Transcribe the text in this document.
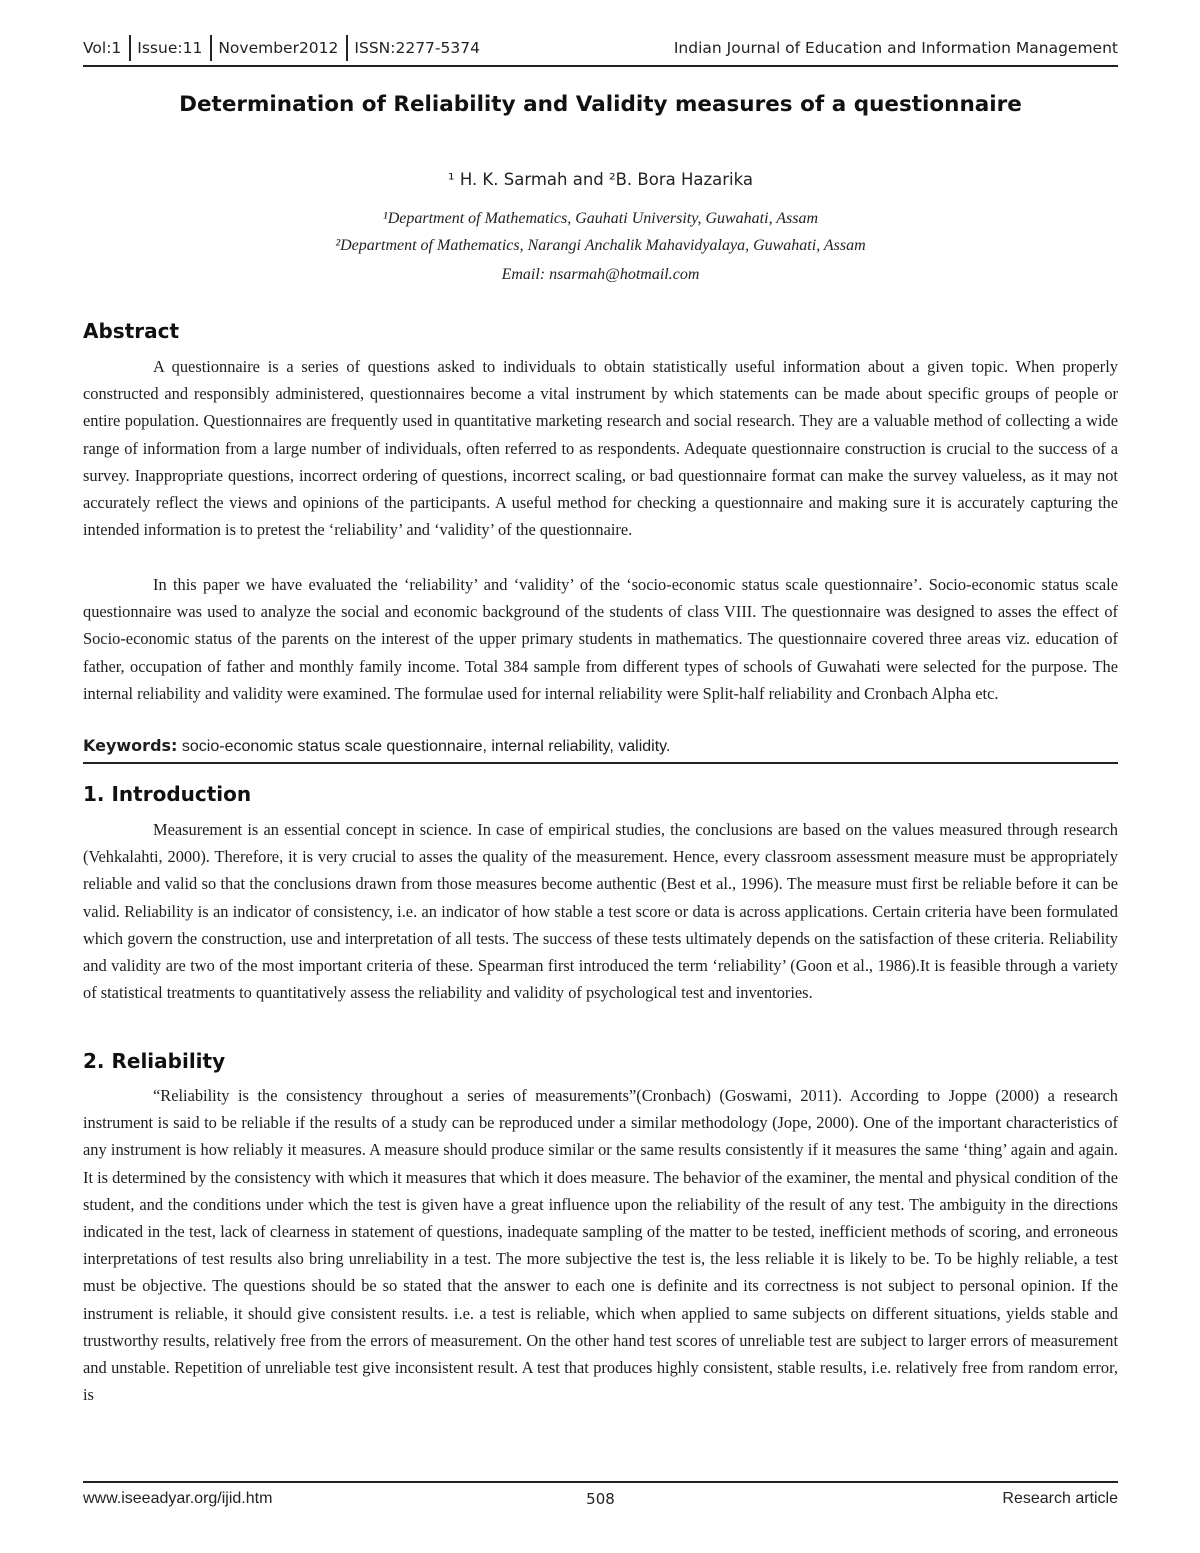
Vol:1	Issue:11	November2012	ISSN:2277-5374	Indian Journal of Education and Information Management
Determination of Reliability and Validity measures of a questionnaire
¹ H. K. Sarmah and ²B. Bora Hazarika
¹Department of Mathematics, Gauhati University, Guwahati, Assam
²Department of Mathematics, Narangi Anchalik Mahavidyalaya, Guwahati, Assam
Email: nsarmah@hotmail.com
Abstract

A questionnaire is a series of questions asked to individuals to obtain statistically useful information about a given topic. When properly constructed and responsibly administered, questionnaires become a vital instrument by which statements can be made about specific groups of people or entire population. Questionnaires are frequently used in quantitative marketing research and social research. They are a valuable method of collecting a wide range of information from a large number of individuals, often referred to as respondents. Adequate questionnaire construction is crucial to the success of a survey. Inappropriate questions, incorrect ordering of questions, incorrect scaling, or bad questionnaire format can make the survey valueless, as it may not accurately reflect the views and opinions of the participants. A useful method for checking a questionnaire and making sure it is accurately capturing the intended information is to pretest the ‘reliability’ and ‘validity’ of the questionnaire.

In this paper we have evaluated the ‘reliability’ and ‘validity’ of the ‘socio-economic status scale questionnaire’. Socio-economic status scale questionnaire was used to analyze the social and economic background of the students of class VIII. The questionnaire was designed to asses the effect of Socio-economic status of the parents on the interest of the upper primary students in mathematics. The questionnaire covered three areas viz. education of father, occupation of father and monthly family income. Total 384 sample from different types of schools of Guwahati were selected for the purpose. The internal reliability and validity were examined. The formulae used for internal reliability were Split-half reliability and Cronbach Alpha etc.

Keywords: socio-economic status scale questionnaire, internal reliability, validity.
1. Introduction

Measurement is an essential concept in science. In case of empirical studies, the conclusions are based on the values measured through research (Vehkalahti, 2000). Therefore, it is very crucial to asses the quality of the measurement. Hence, every classroom assessment measure must be appropriately reliable and valid so that the conclusions drawn from those measures become authentic (Best et al., 1996). The measure must first be reliable before it can be valid. Reliability is an indicator of consistency, i.e. an indicator of how stable a test score or data is across applications. Certain criteria have been formulated which govern the construction, use and interpretation of all tests. The success of these tests ultimately depends on the satisfaction of these criteria. Reliability and validity are two of the most important criteria of these. Spearman first introduced the term ‘reliability’ (Goon et al., 1986).It is feasible through a variety of statistical treatments to quantitatively assess the reliability and validity of psychological test and inventories.

2. Reliability

“Reliability is the consistency throughout a series of measurements”(Cronbach) (Goswami, 2011). According to Joppe (2000) a research instrument is said to be reliable if the results of a study can be reproduced under a similar methodology (Jope, 2000). One of the important characteristics of any instrument is how reliably it measures. A measure should produce similar or the same results consistently if it measures the same ‘thing’ again and again. It is determined by the consistency with which it measures that which it does measure. The behavior of the examiner, the mental and physical condition of the student, and the conditions under which the test is given have a great influence upon the reliability of the result of any test. The ambiguity in the directions indicated in the test, lack of clearness in statement of questions, inadequate sampling of the matter to be tested, inefficient methods of scoring, and erroneous interpretations of test results also bring unreliability in a test. The more subjective the test is, the less reliable it is likely to be. To be highly reliable, a test must be objective. The questions should be so stated that the answer to each one is definite and its correctness is not subject to personal opinion. If the instrument is reliable, it should give consistent results. i.e. a test is reliable, which when applied to same subjects on different situations, yields stable and trustworthy results, relatively free from the errors of measurement. On the other hand test scores of unreliable test are subject to larger errors of measurement and unstable. Repetition of unreliable test give inconsistent result. A test that produces highly consistent, stable results, i.e. relatively free from random error, is

www.iseeadyar.org/ijid.htm	508	Research article
